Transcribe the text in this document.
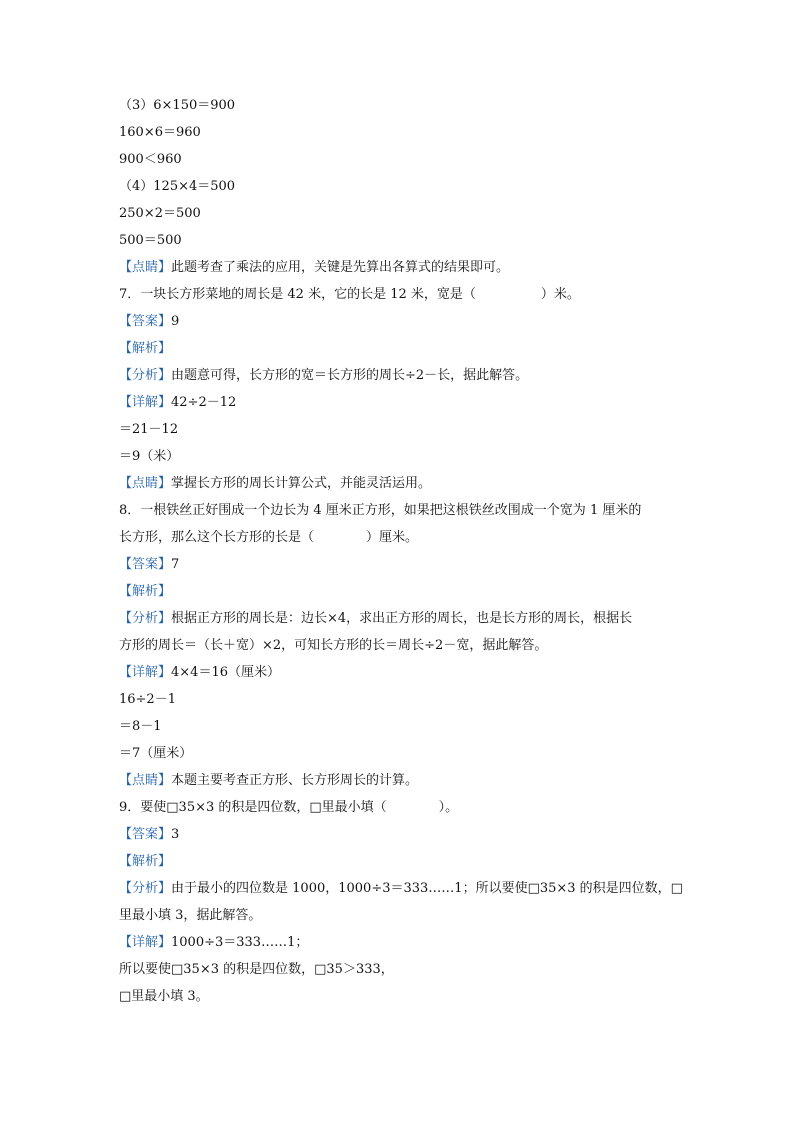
（3）6×150＝900
160×6＝960
900＜960
（4）125×4＝500
250×2＝500
500＝500
【点睛】此题考查了乘法的应用，关键是先算出各算式的结果即可。
7．一块长方形菜地的周长是 42 米，它的长是 12 米，宽是（　　　　　）米。
【答案】9
【解析】
【分析】由题意可得，长方形的宽＝长方形的周长÷2－长，据此解答。
【详解】42÷2－12
＝21－12
＝9（米）
【点睛】掌握长方形的周长计算公式，并能灵活运用。
8．一根铁丝正好围成一个边长为 4 厘米正方形，如果把这根铁丝改围成一个宽为 1 厘米的
长方形，那么这个长方形的长是（　　　　）厘米。
【答案】7
【解析】
【分析】根据正方形的周长是：边长×4，求出正方形的周长，也是长方形的周长，根据长
方形的周长＝（长＋宽）×2，可知长方形的长＝周长÷2－宽，据此解答。
【详解】4×4＝16（厘米）
16÷2－1
＝8－1
＝7（厘米）
【点睛】本题主要考查正方形、长方形周长的计算。
9．要使□35×3 的积是四位数，□里最小填（　　　　）。
【答案】3
【解析】
【分析】由于最小的四位数是 1000，1000÷3＝333……1；所以要使□35×3 的积是四位数，□
里最小填 3，据此解答。
【详解】1000÷3＝333……1；
所以要使□35×3 的积是四位数，□35＞333，
□里最小填 3。
